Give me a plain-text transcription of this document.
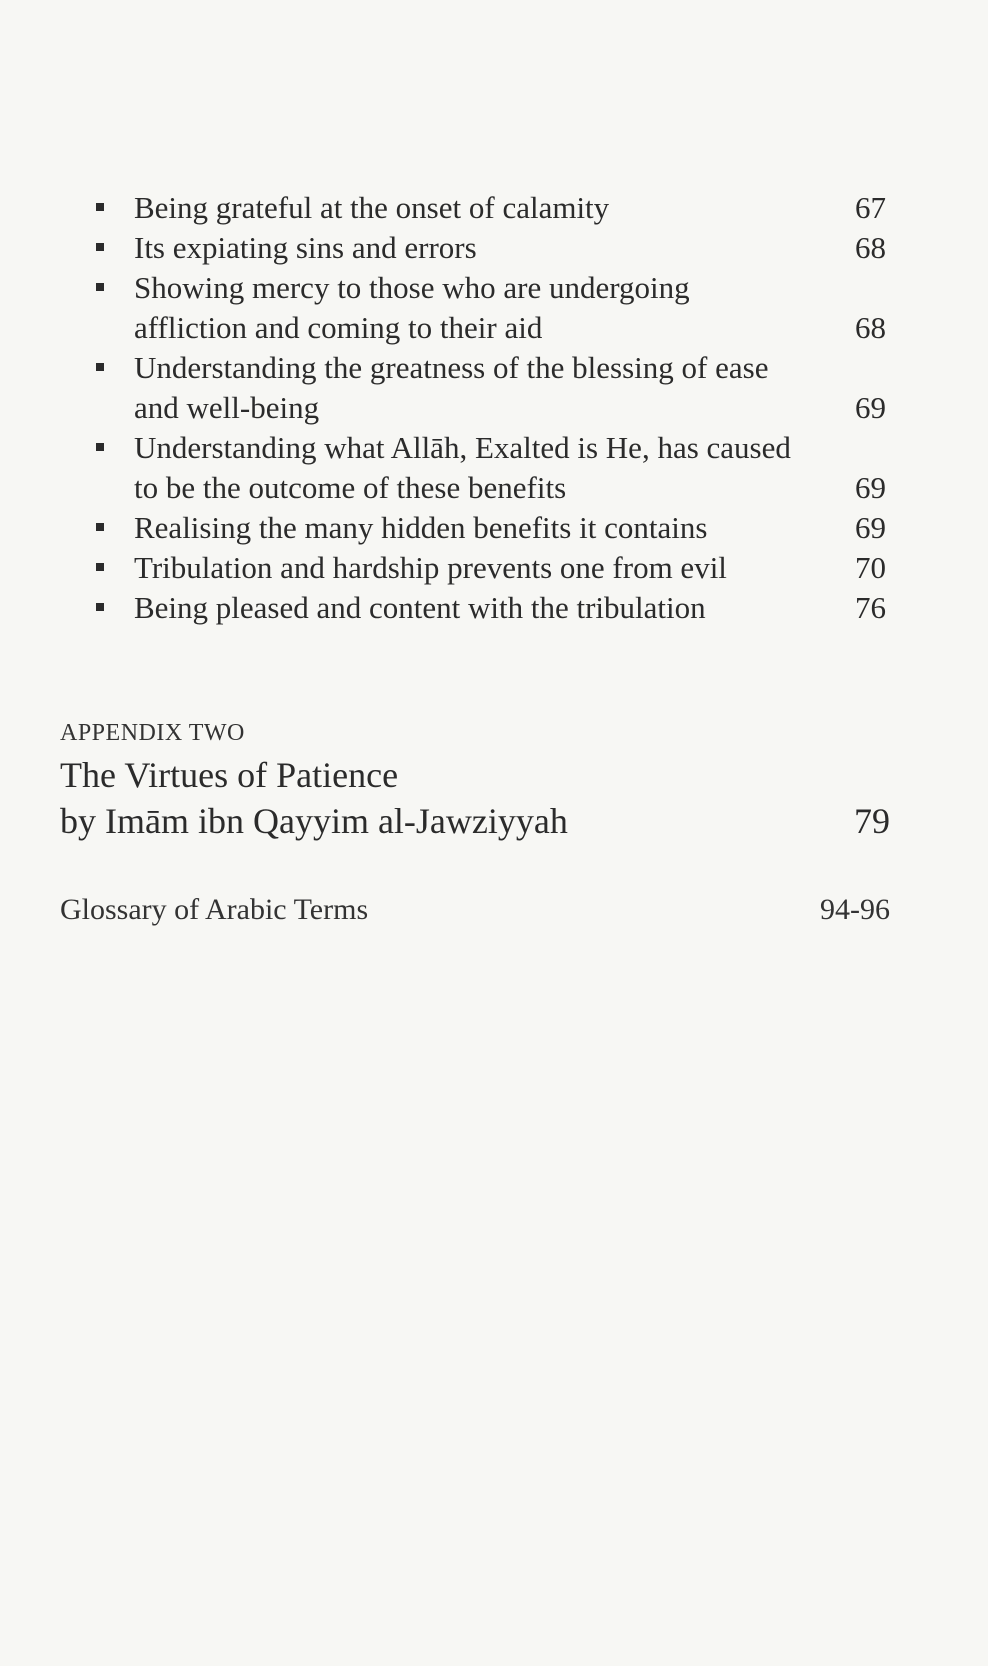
Being grateful at the onset of calamity	67
Its expiating sins and errors	68
Showing mercy to those who are undergoing
affliction and coming to their aid	68
Understanding the greatness of the blessing of ease
and well-being	69
Understanding what Allāh, Exalted is He, has caused
to be the outcome of these benefits	69
Realising the many hidden benefits it contains	69
Tribulation and hardship prevents one from evil	70
Being pleased and content with the tribulation	76
APPENDIX TWO
The Virtues of Patience
by Imām ibn Qayyim al-Jawziyyah	79
Glossary of Arabic Terms	94-96
